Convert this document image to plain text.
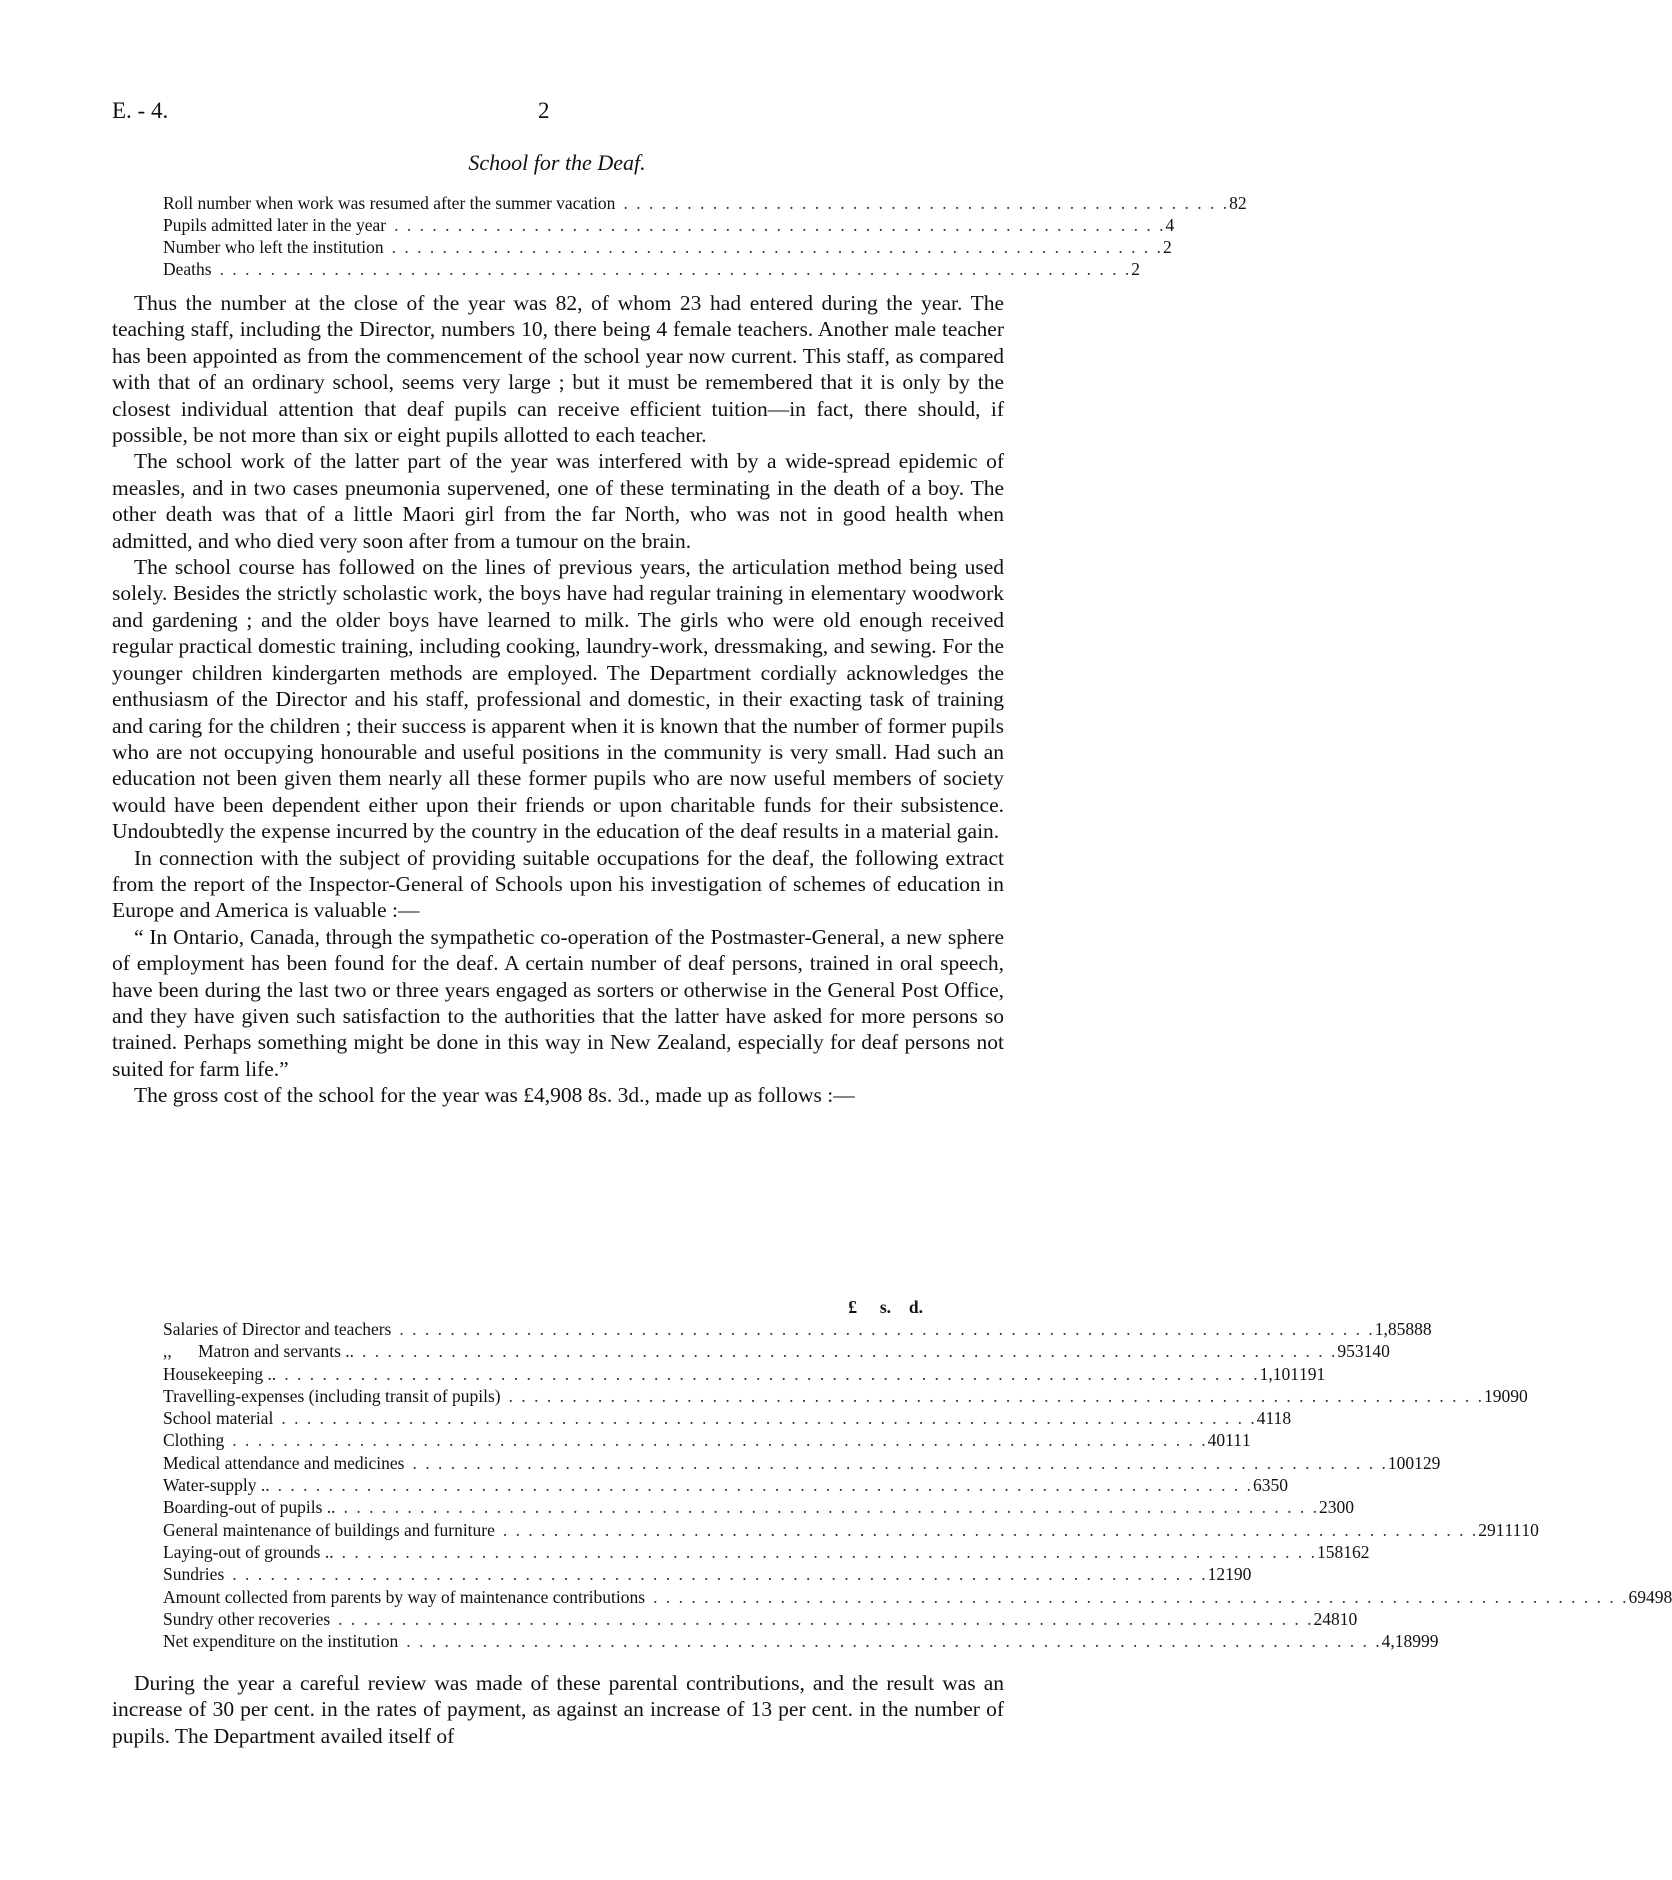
E. - 4.	2
School for the Deaf.
Roll number when work was resumed after the summer vacation . . . . . . . . . . . . . . . . . . . . . . . . . . . . . . . . . . . . . . . . . . . . . . . . 82
Pupils admitted later in the year . . . . . . . . . . . . . . . . . . . . . . . . . . . . . . . . . . . . . . . . . . . . . . . . . . . . . . . . . . . . . 4
Number who left the institution . . . . . . . . . . . . . . . . . . . . . . . . . . . . . . . . . . . . . . . . . . . . . . . . . . . . . . . . . . . . . 2
Deaths . . . . . . . . . . . . . . . . . . . . . . . . . . . . . . . . . . . . . . . . . . . . . . . . . . . . . . . . . . . . . . . . . . . . . . . . 2

Thus the number at the close of the year was 82, of whom 23 had entered during the year. The teaching staff, including the Director, numbers 10, there being 4 female teachers. Another male teacher has been appointed as from the commencement of the school year now current. This staff, as compared with that of an ordinary school, seems very large ; but it must be remembered that it is only by the closest individual attention that deaf pupils can receive efficient tuition—in fact, there should, if possible, be not more than six or eight pupils allotted to each teacher.

The school work of the latter part of the year was interfered with by a wide-spread epidemic of measles, and in two cases pneumonia supervened, one of these terminating in the death of a boy. The other death was that of a little Maori girl from the far North, who was not in good health when admitted, and who died very soon after from a tumour on the brain.

The school course has followed on the lines of previous years, the articulation method being used solely. Besides the strictly scholastic work, the boys have had regular training in elementary woodwork and gardening ; and the older boys have learned to milk. The girls who were old enough received regular practical domestic training, including cooking, laundry-work, dressmaking, and sewing. For the younger children kindergarten methods are employed. The Department cordially acknowledges the enthusiasm of the Director and his staff, professional and domestic, in their exacting task of training and caring for the children ; their success is apparent when it is known that the number of former pupils who are not occupying honourable and useful positions in the community is very small. Had such an education not been given them nearly all these former pupils who are now useful members of society would have been dependent either upon their friends or upon charitable funds for their subsistence. Undoubtedly the expense incurred by the country in the education of the deaf results in a material gain.

In connection with the subject of providing suitable occupations for the deaf, the following extract from the report of the Inspector-General of Schools upon his investigation of schemes of education in Europe and America is valuable :—

“ In Ontario, Canada, through the sympathetic co-operation of the Postmaster-General, a new sphere of employment has been found for the deaf. A certain number of deaf persons, trained in oral speech, have been during the last two or three years engaged as sorters or otherwise in the General Post Office, and they have given such satisfaction to the authorities that the latter have asked for more persons so trained. Perhaps something might be done in this way in New Zealand, especially for deaf persons not suited for farm life.”

The gross cost of the school for the year was £4,908 8s. 3d., made up as follows :—

£	s.	d.
Salaries of Director and teachers . . . . . . . . . . . . . . . . . . . . . . . . . . . . . . . . . . . . . . . . . . . . . . . . . . . . . . . . . . . . . . . . . . . . . . . . . . . . . 1,858 8 8
,,      Matron and servants .. . . . . . . . . . . . . . . . . . . . . . . . . . . . . . . . . . . . . . . . . . . . . . . . . . . . . . . . . . . . . . . . . . . . . . . . . . . . . . 953 14 0
Housekeeping .. . . . . . . . . . . . . . . . . . . . . . . . . . . . . . . . . . . . . . . . . . . . . . . . . . . . . . . . . . . . . . . . . . . . . . . . . . . . . . 1,101 19 1
Travelling-expenses (including transit of pupils) . . . . . . . . . . . . . . . . . . . . . . . . . . . . . . . . . . . . . . . . . . . . . . . . . . . . . . . . . . . . . . . . . . . . . . . . . . . . . 190 9 0
School material . . . . . . . . . . . . . . . . . . . . . . . . . . . . . . . . . . . . . . . . . . . . . . . . . . . . . . . . . . . . . . . . . . . . . . . . . . . . . 4 11 8
Clothing . . . . . . . . . . . . . . . . . . . . . . . . . . . . . . . . . . . . . . . . . . . . . . . . . . . . . . . . . . . . . . . . . . . . . . . . . . . . . 40 11 1
Medical attendance and medicines . . . . . . . . . . . . . . . . . . . . . . . . . . . . . . . . . . . . . . . . . . . . . . . . . . . . . . . . . . . . . . . . . . . . . . . . . . . . . 100 12 9
Water-supply .. . . . . . . . . . . . . . . . . . . . . . . . . . . . . . . . . . . . . . . . . . . . . . . . . . . . . . . . . . . . . . . . . . . . . . . . . . . . . . 63 5 0
Boarding-out of pupils .. . . . . . . . . . . . . . . . . . . . . . . . . . . . . . . . . . . . . . . . . . . . . . . . . . . . . . . . . . . . . . . . . . . . . . . . . . . . . . 23 0 0
General maintenance of buildings and furniture . . . . . . . . . . . . . . . . . . . . . . . . . . . . . . . . . . . . . . . . . . . . . . . . . . . . . . . . . . . . . . . . . . . . . . . . . . . . . 291 11 10
Laying-out of grounds .. . . . . . . . . . . . . . . . . . . . . . . . . . . . . . . . . . . . . . . . . . . . . . . . . . . . . . . . . . . . . . . . . . . . . . . . . . . . . . 158 16 2
Sundries . . . . . . . . . . . . . . . . . . . . . . . . . . . . . . . . . . . . . . . . . . . . . . . . . . . . . . . . . . . . . . . . . . . . . . . . . . . . . 121 9 0
Amount collected from parents by way of maintenance contributions . . . . . . . . . . . . . . . . . . . . . . . . . . . . . . . . . . . . . . . . . . . . . . . . . . . . . . . . . . . . . . . . . . . . . . . . . . . . . 694 9 8
Sundry other recoveries . . . . . . . . . . . . . . . . . . . . . . . . . . . . . . . . . . . . . . . . . . . . . . . . . . . . . . . . . . . . . . . . . . . . . . . . . . . . . 24 8 10
Net expenditure on the institution . . . . . . . . . . . . . . . . . . . . . . . . . . . . . . . . . . . . . . . . . . . . . . . . . . . . . . . . . . . . . . . . . . . . . . . . . . . . . 4,189 9 9

During the year a careful review was made of these parental contributions, and the result was an increase of 30 per cent. in the rates of payment, as against an increase of 13 per cent. in the number of pupils. The Department availed itself of
